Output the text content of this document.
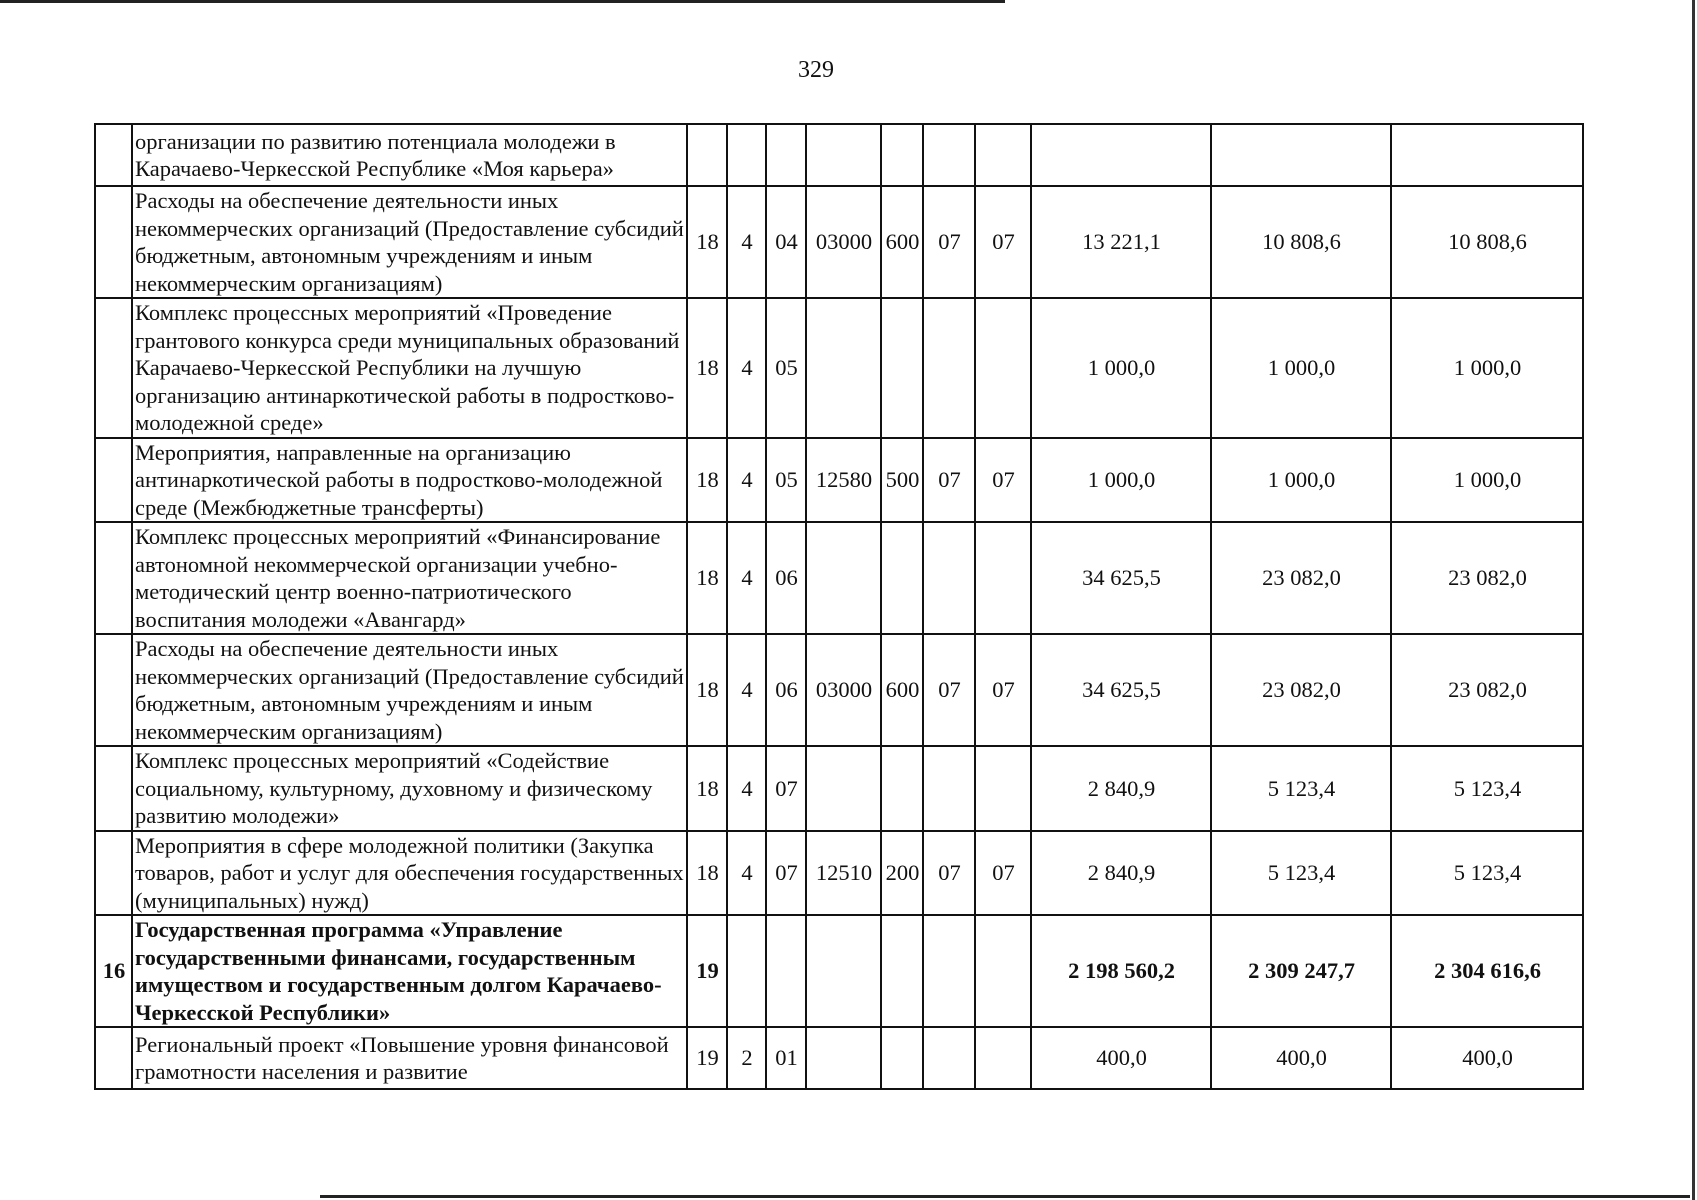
329
	организации по развитию потенциала молодежи в Карачаево-Черкесской Республике «Моя карьера»										
	Расходы на обеспечение деятельности иных некоммерческих организаций (Предоставление субсидий бюджетным, автономным учреждениям и иным некоммерческим организациям)	18	4	04	03000	600	07	07	13 221,1	10 808,6	10 808,6
	Комплекс процессных мероприятий «Проведение грантового конкурса среди муниципальных образований Карачаево-Черкесской Республики на лучшую организацию антинаркотической работы в подростково-молодежной среде»	18	4	05					1 000,0	1 000,0	1 000,0
	Мероприятия, направленные на организацию антинаркотической работы в подростково-молодежной среде (Межбюджетные трансферты)	18	4	05	12580	500	07	07	1 000,0	1 000,0	1 000,0
	Комплекс процессных мероприятий «Финансирование автономной некоммерческой организации учебно-методический центр военно-патриотического воспитания молодежи «Авангард»	18	4	06					34 625,5	23 082,0	23 082,0
	Расходы на обеспечение деятельности иных некоммерческих организаций (Предоставление субсидий бюджетным, автономным учреждениям и иным некоммерческим организациям)	18	4	06	03000	600	07	07	34 625,5	23 082,0	23 082,0
	Комплекс процессных мероприятий «Содействие социальному, культурному, духовному и физическому развитию молодежи»	18	4	07					2 840,9	5 123,4	5 123,4
	Мероприятия в сфере молодежной политики (Закупка товаров, работ и услуг для обеспечения государственных (муниципальных) нужд)	18	4	07	12510	200	07	07	2 840,9	5 123,4	5 123,4
16	Государственная программа «Управление государственными финансами, государственным имуществом и государственным долгом Карачаево-Черкесской Республики»	19							2 198 560,2	2 309 247,7	2 304 616,6
	Региональный проект «Повышение уровня финансовой грамотности населения и развитие	19	2	01					400,0	400,0	400,0
